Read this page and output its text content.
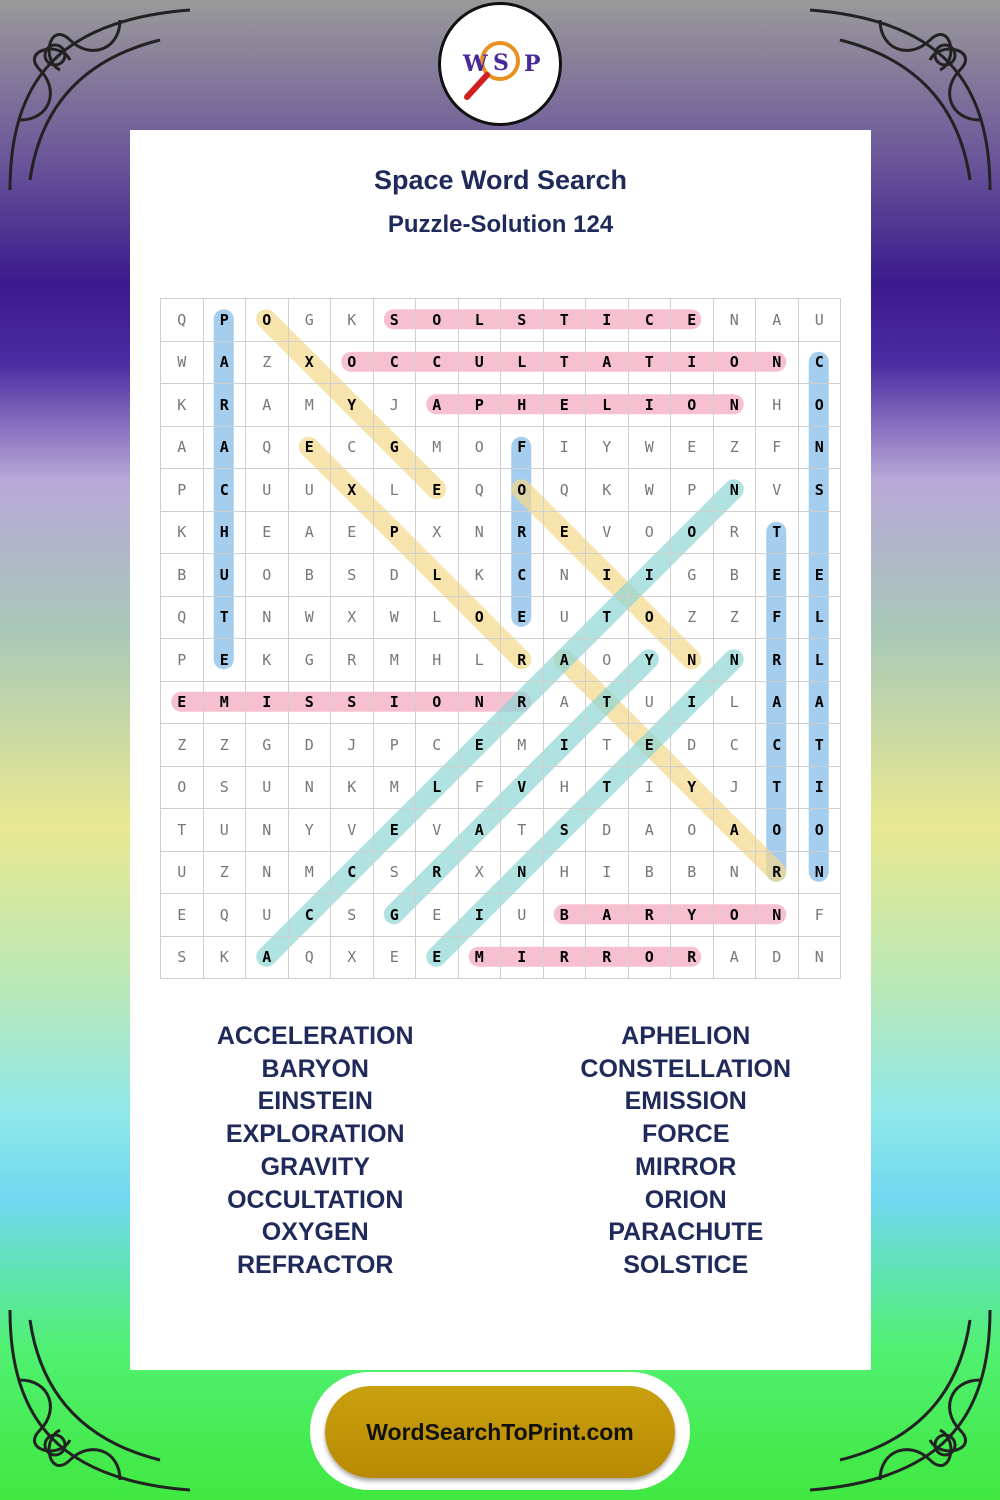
W S P
Space Word Search
Puzzle-Solution 124
Q	P	O	G	K	S	O	L	S	T	I	C	E	N	A	U
W	A	Z	X	O	C	C	U	L	T	A	T	I	O	N	C
K	R	A	M	Y	J	A	P	H	E	L	I	O	N	H	O
A	A	Q	E	C	G	M	O	F	I	Y	W	E	Z	F	N
P	C	U	U	X	L	E	Q	O	Q	K	W	P	N	V	S
K	H	E	A	E	P	X	N	R	E	V	O	O	R	T
B	U	O	B	S	D	L	K	C	N	I	I	G	B	E	E
Q	T	N	W	X	W	L	O	E	U	T	O	Z	Z	F	L
P	E	K	G	R	M	H	L	R	A	O	Y	N	N	R	L
E	M	I	S	S	I	O	N	R	A	T	U	I	L	A	A
Z	Z	G	D	J	P	C	E	M	I	T	E	D	C	C	T
O	S	U	N	K	M	L	F	V	H	T	I	Y	J	T	I
T	U	N	Y	V	E	V	A	T	S	D	A	O	A	O	O
U	Z	N	M	C	S	R	X	N	H	I	B	B	N	R	N
E	Q	U	C	S	G	E	I	U	B	A	R	Y	O	N	F
S	K	A	Q	X	E	E	M	I	R	R	O	R	A	D	N
ACCELERATION
BARYON
EINSTEIN
EXPLORATION
GRAVITY
OCCULTATION
OXYGEN
REFRACTOR
APHELION
CONSTELLATION
EMISSION
FORCE
MIRROR
ORION
PARACHUTE
SOLSTICE
WordSearchToPrint.com
